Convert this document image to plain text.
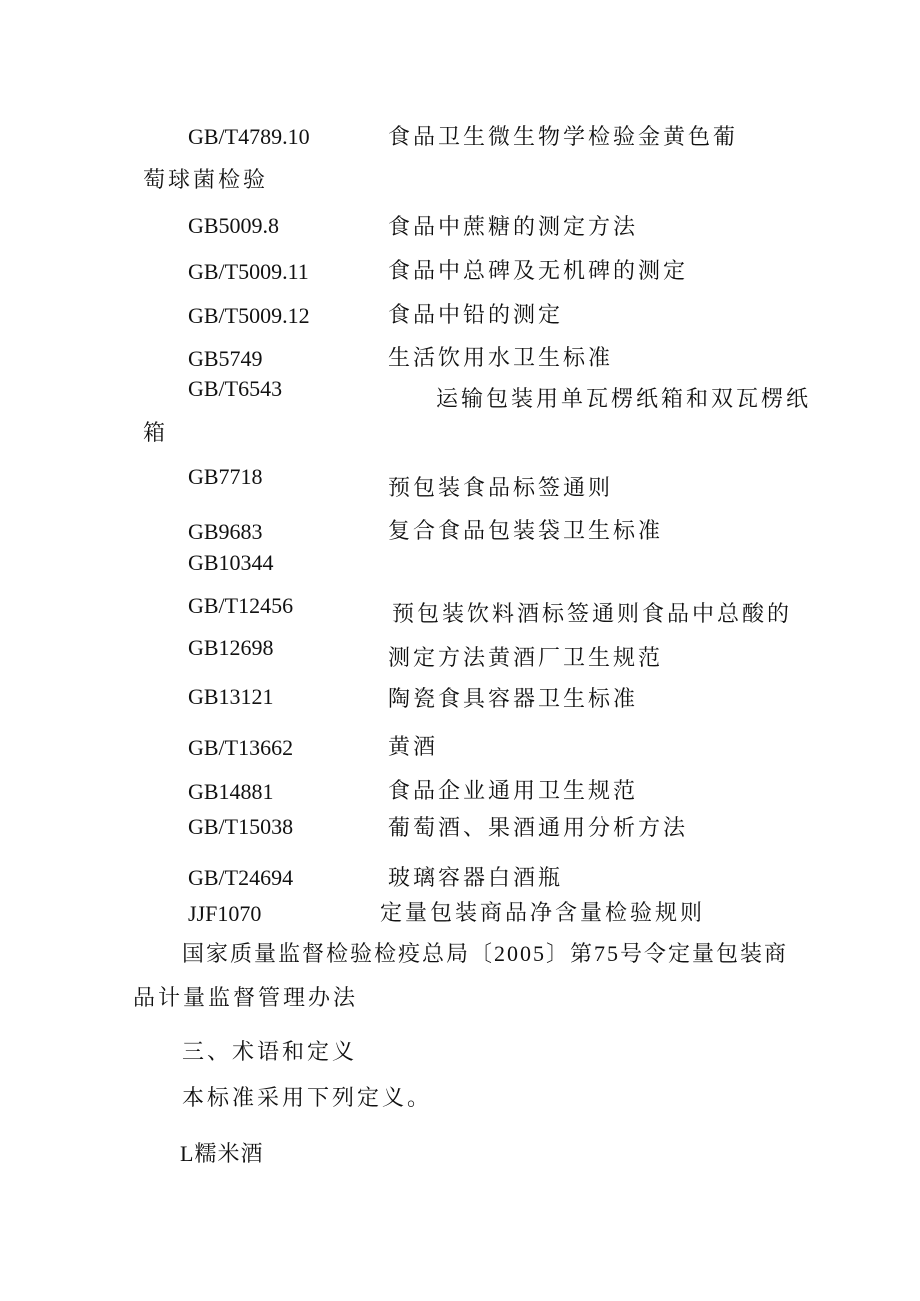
GB/T4789.10	食品卫生微生物学检验金黄色葡
萄球菌检验
GB5009.8	食品中蔗糖的测定方法
GB/T5009.11	食品中总碑及无机碑的测定
GB/T5009.12	食品中铅的测定
GB5749	生活饮用水卫生标准
GB/T6543	运输包装用单瓦楞纸箱和双瓦楞纸
箱
GB7718	预包装食品标签通则
GB9683	复合食品包装袋卫生标准
GB10344
GB/T12456	预包装饮料酒标签通则食品中总酸的
GB12698	测定方法黄酒厂卫生规范
GB13121	陶瓷食具容器卫生标准
GB/T13662	黄酒
GB14881	食品企业通用卫生规范
GB/T15038	葡萄酒、果酒通用分析方法
GB/T24694	玻璃容器白酒瓶
JJF1070	定量包装商品净含量检验规则
国家质量监督检验检疫总局〔2005〕第75号令定量包装商
品计量监督管理办法
三、术语和定义
本标准采用下列定义。
L糯米酒
